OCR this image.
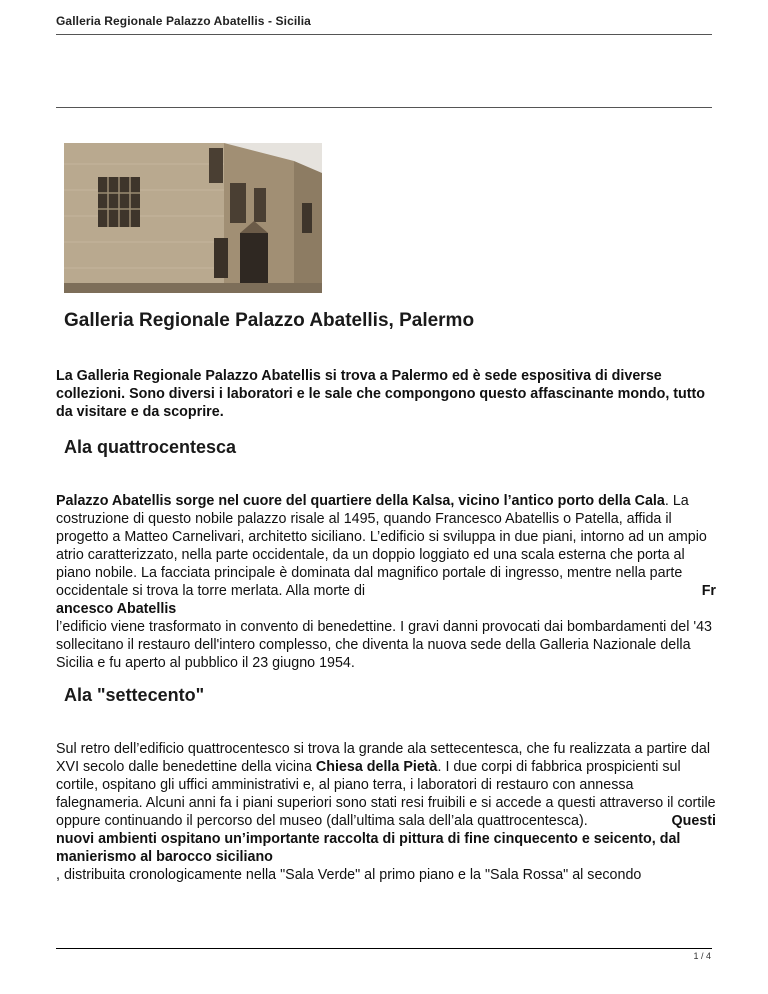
Galleria Regionale Palazzo Abatellis - Sicilia
Galleria Regionale Palazzo Abatellis, Palermo

La Galleria Regionale Palazzo Abatellis si trova a Palermo ed è sede espositiva di diverse collezioni. Sono diversi i laboratori e le sale che compongono questo affascinante mondo, tutto da visitare e da scoprire.

Ala quattrocentesca

Palazzo Abatellis sorge nel cuore del quartiere della Kalsa, vicino l’antico porto della Cala. La costruzione di questo nobile palazzo risale al 1495, quando Francesco Abatellis o Patella, affida il progetto a Matteo Carnelivari, architetto siciliano. L’edificio si sviluppa in due piani, intorno ad un ampio atrio caratterizzato, nella parte occidentale, da un doppio loggiato ed una scala esterna che porta al piano nobile. La facciata principale è dominata dal magnifico portale di ingresso, mentre nella parte occidentale si trova la torre merlata. Alla morte di	Fr
ancesco Abatellis
l’edificio viene trasformato in convento di benedettine. I gravi danni provocati dai bombardamenti del '43 sollecitano il restauro dell'intero complesso, che diventa la nuova sede della Galleria Nazionale della Sicilia e fu aperto al pubblico il 23 giugno 1954.

Ala "settecento"

Sul retro dell’edificio quattrocentesco si trova la grande ala settecentesca, che fu realizzata a partire dal XVI secolo dalle benedettine della vicina Chiesa della Pietà. I due corpi di fabbrica prospicienti sul cortile, ospitano gli uffici amministrativi e, al piano terra, i laboratori di restauro con annessa falegnameria. Alcuni anni fa i piani superiori sono stati resi fruibili e si accede a questi attraverso il cortile oppure continuando il percorso del museo (dall’ultima sala dell’ala quattrocentesca).	Questi
nuovi ambienti ospitano un’importante raccolta di pittura di fine cinquecento e seicento, dal manierismo al barocco siciliano
, distribuita cronologicamente nella "Sala Verde" al primo piano e la "Sala Rossa" al secondo

1 / 4
